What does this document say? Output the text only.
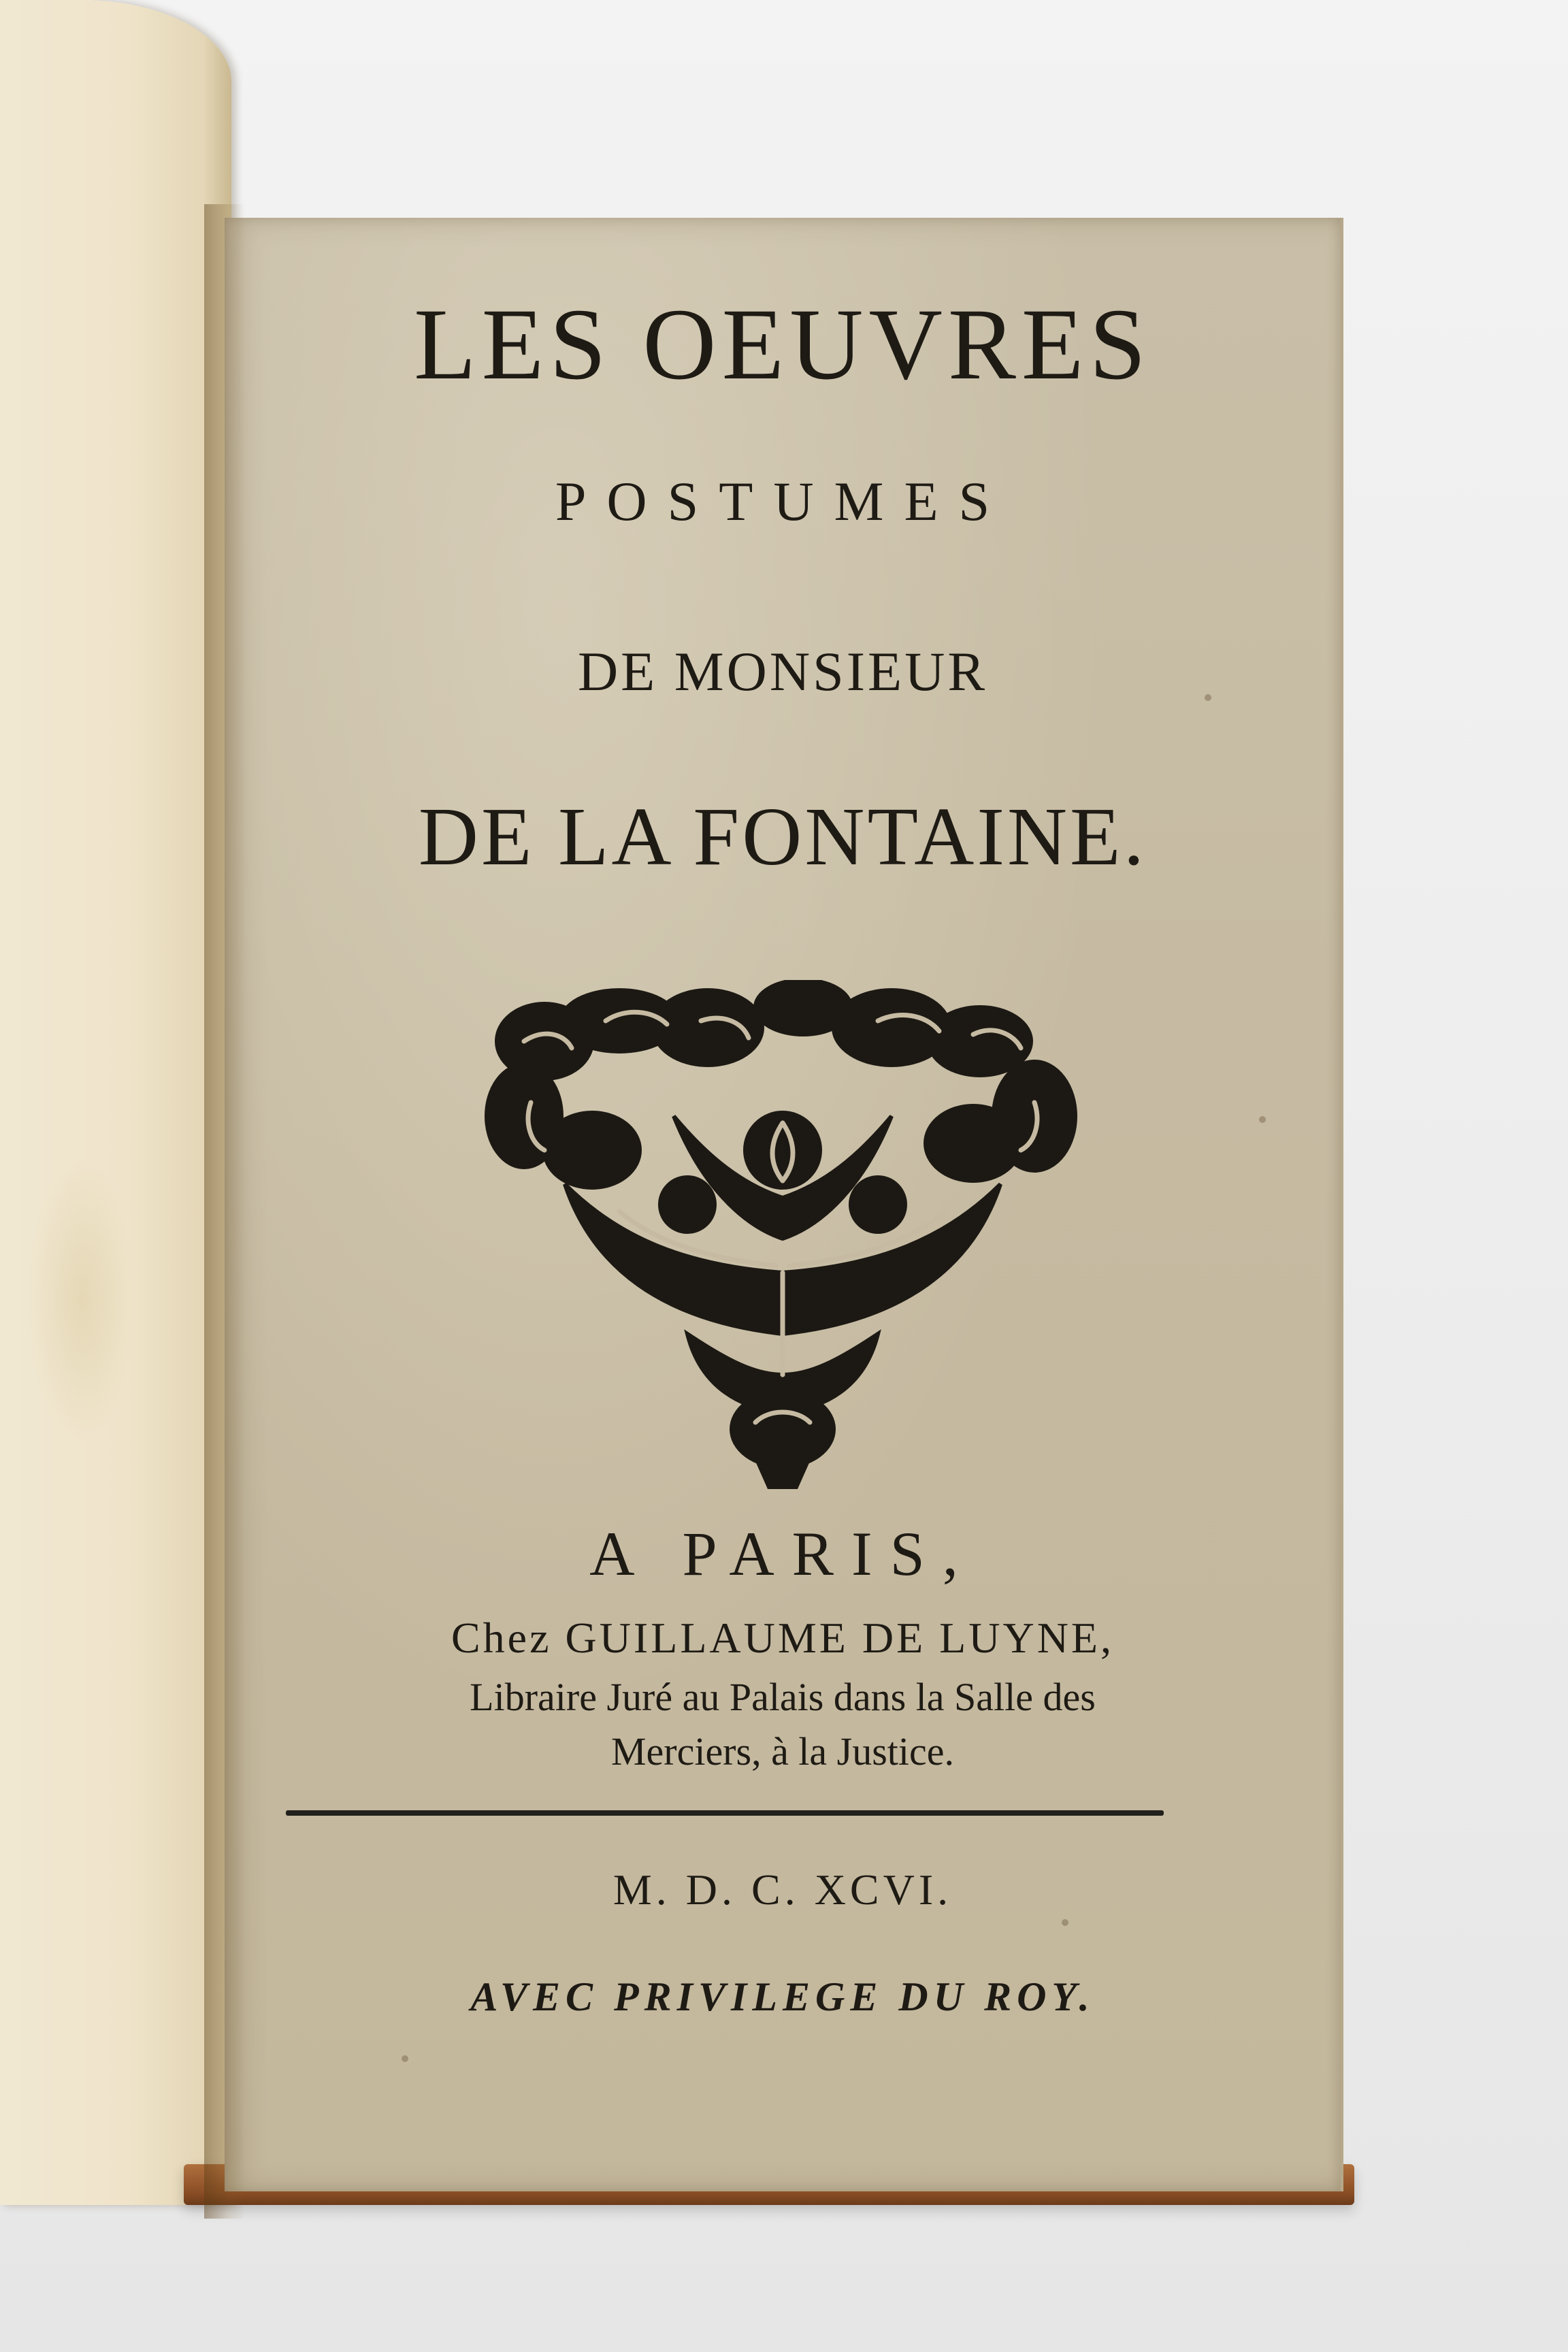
LES OEUVRES
POSTUMES
DE MONSIEUR
DE LA FONTAINE.
A PARIS,
Chez GUILLAUME DE LUYNE,
Libraire Juré au Palais dans la Salle des
Merciers, à la Justice.
M. D. C. XCVI.
AVEC PRIVILEGE DU ROY.
